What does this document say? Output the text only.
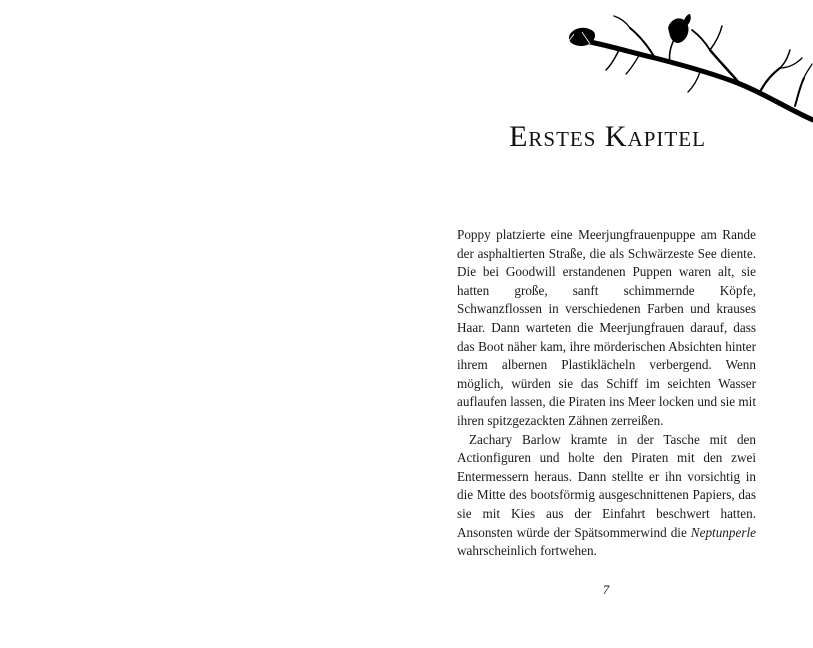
Erstes Kapitel

Poppy platzierte eine Meerjungfrauenpuppe am Rande der asphaltierten Straße, die als Schwärzeste See diente. Die bei Goodwill erstandenen Puppen waren alt, sie hatten große, sanft schimmernde Köpfe, Schwanzflossen in verschiedenen Farben und krauses Haar. Dann warteten die Meerjungfrauen darauf, dass das Boot näher kam, ihre mörderischen Absichten hinter ihrem albernen Plastiklächeln verbergend. Wenn möglich, würden sie das Schiff im seichten Wasser auflaufen lassen, die Piraten ins Meer locken und sie mit ihren spitzgezackten Zähnen zerreißen.

Zachary Barlow kramte in der Tasche mit den Actionfiguren und holte den Piraten mit den zwei Entermessern heraus. Dann stellte er ihn vorsichtig in die Mitte des bootsförmig ausgeschnittenen Papiers, das sie mit Kies aus der Einfahrt beschwert hatten. Ansonsten würde der Spätsommerwind die Neptunperle wahrscheinlich fortwehen.

7
